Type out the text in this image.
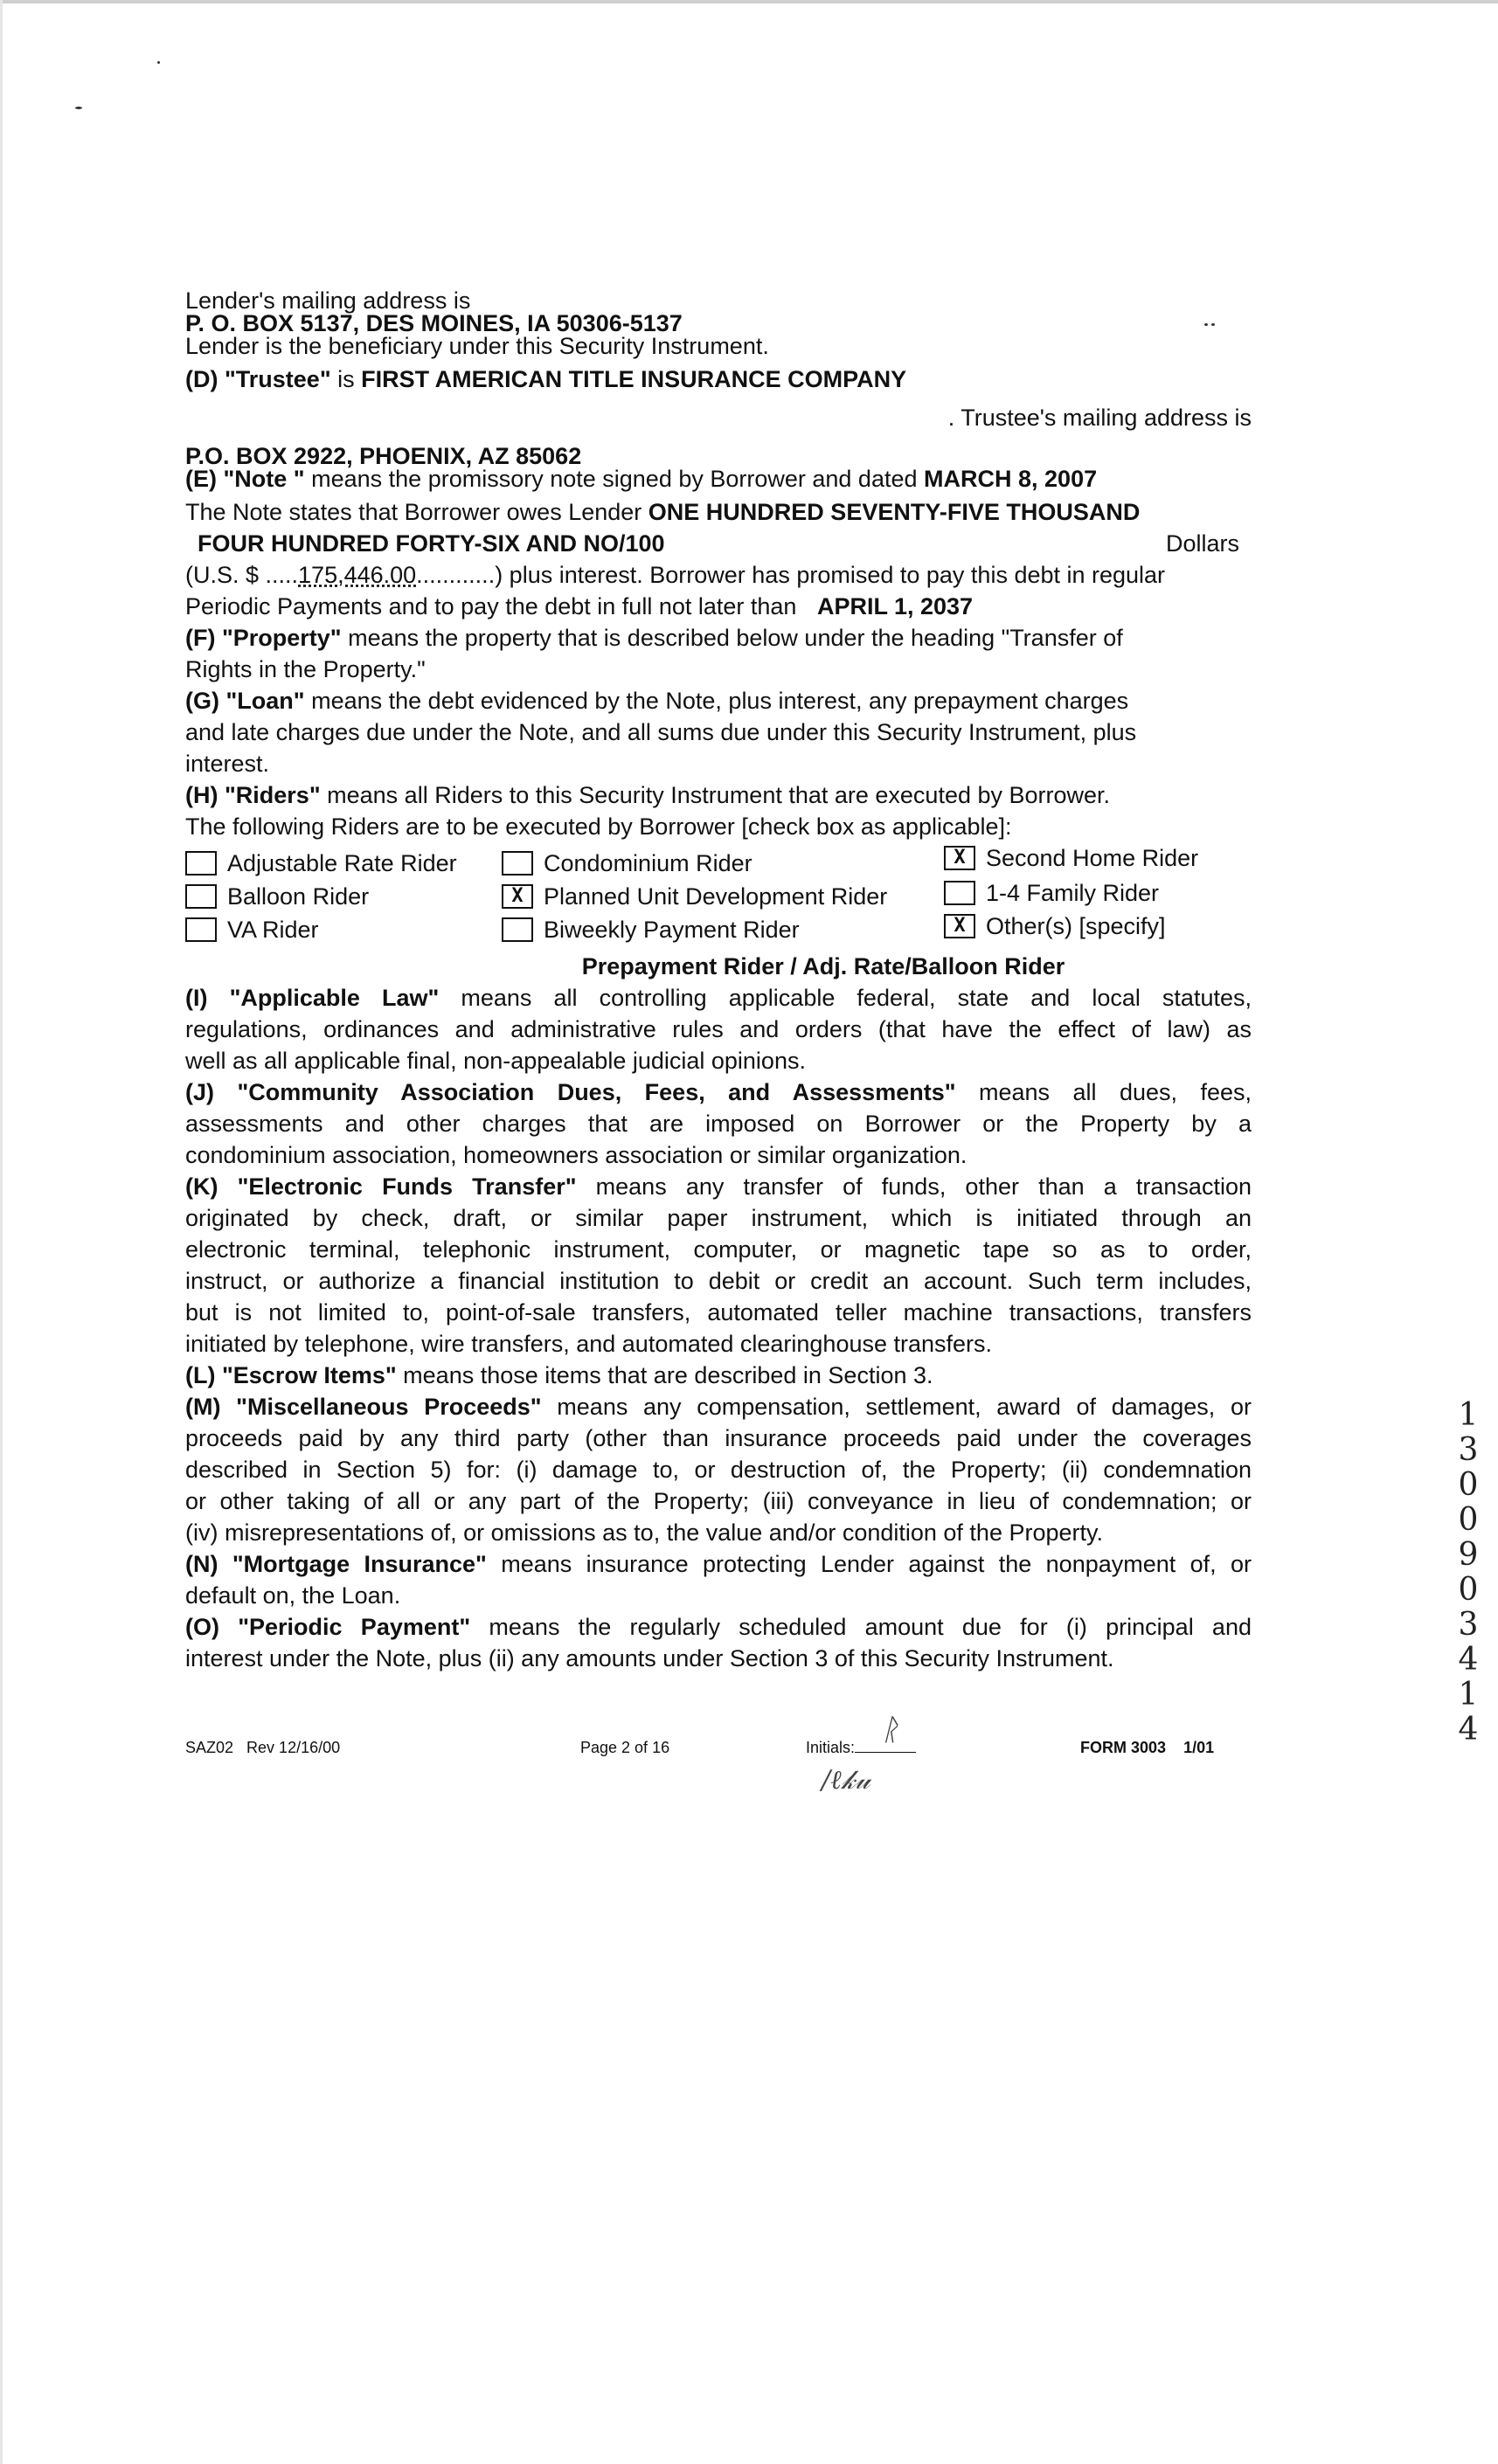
Lender's mailing address is
P. O. BOX 5137, DES MOINES, IA 50306-5137
Lender is the beneficiary under this Security Instrument.
(D) "Trustee" is FIRST AMERICAN TITLE INSURANCE COMPANY
. Trustee's mailing address is
P.O. BOX 2922, PHOENIX, AZ 85062
(E) "Note " means the promissory note signed by Borrower and dated MARCH 8, 2007
The Note states that Borrower owes Lender ONE HUNDRED SEVENTY-FIVE THOUSAND
FOUR HUNDRED FORTY-SIX AND NO/100	Dollars
(U.S. $ .....175,446.00............) plus interest. Borrower has promised to pay this debt in regular
Periodic Payments and to pay the debt in full not later than APRIL 1, 2037
(F) "Property" means the property that is described below under the heading "Transfer of
Rights in the Property."
(G) "Loan" means the debt evidenced by the Note, plus interest, any prepayment charges
and late charges due under the Note, and all sums due under this Security Instrument, plus
interest.
(H) "Riders" means all Riders to this Security Instrument that are executed by Borrower.
The following Riders are to be executed by Borrower [check box as applicable]:
Adjustable Rate Rider	Condominium Rider	X Second Home Rider
Balloon Rider	X Planned Unit Development Rider	1-4 Family Rider
VA Rider	Biweekly Payment Rider	X Other(s) [specify]
Prepayment Rider / Adj. Rate/Balloon Rider
(I) "Applicable Law" means all controlling applicable federal, state and local statutes,
regulations, ordinances and administrative rules and orders (that have the effect of law) as
well as all applicable final, non-appealable judicial opinions.
(J) "Community Association Dues, Fees, and Assessments" means all dues, fees,
assessments and other charges that are imposed on Borrower or the Property by a
condominium association, homeowners association or similar organization.
(K) "Electronic Funds Transfer" means any transfer of funds, other than a transaction
originated by check, draft, or similar paper instrument, which is initiated through an
electronic terminal, telephonic instrument, computer, or magnetic tape so as to order,
instruct, or authorize a financial institution to debit or credit an account. Such term includes,
but is not limited to, point-of-sale transfers, automated teller machine transactions, transfers
initiated by telephone, wire transfers, and automated clearinghouse transfers.
(L) "Escrow Items" means those items that are described in Section 3.
(M) "Miscellaneous Proceeds" means any compensation, settlement, award of damages, or
proceeds paid by any third party (other than insurance proceeds paid under the coverages
described in Section 5) for: (i) damage to, or destruction of, the Property; (ii) condemnation
or other taking of all or any part of the Property; (iii) conveyance in lieu of condemnation; or
(iv) misrepresentations of, or omissions as to, the value and/or condition of the Property.
(N) "Mortgage Insurance" means insurance protecting Lender against the nonpayment of, or
default on, the Loan.
(O) "Periodic Payment" means the regularly scheduled amount due for (i) principal and
interest under the Note, plus (ii) any amounts under Section 3 of this Security Instrument.
SAZ02 Rev 12/16/00	Page 2 of 16	Initials: ᚱ
/ℓ𝓀𝓊
FORM 3003 1/01
13009 03414
